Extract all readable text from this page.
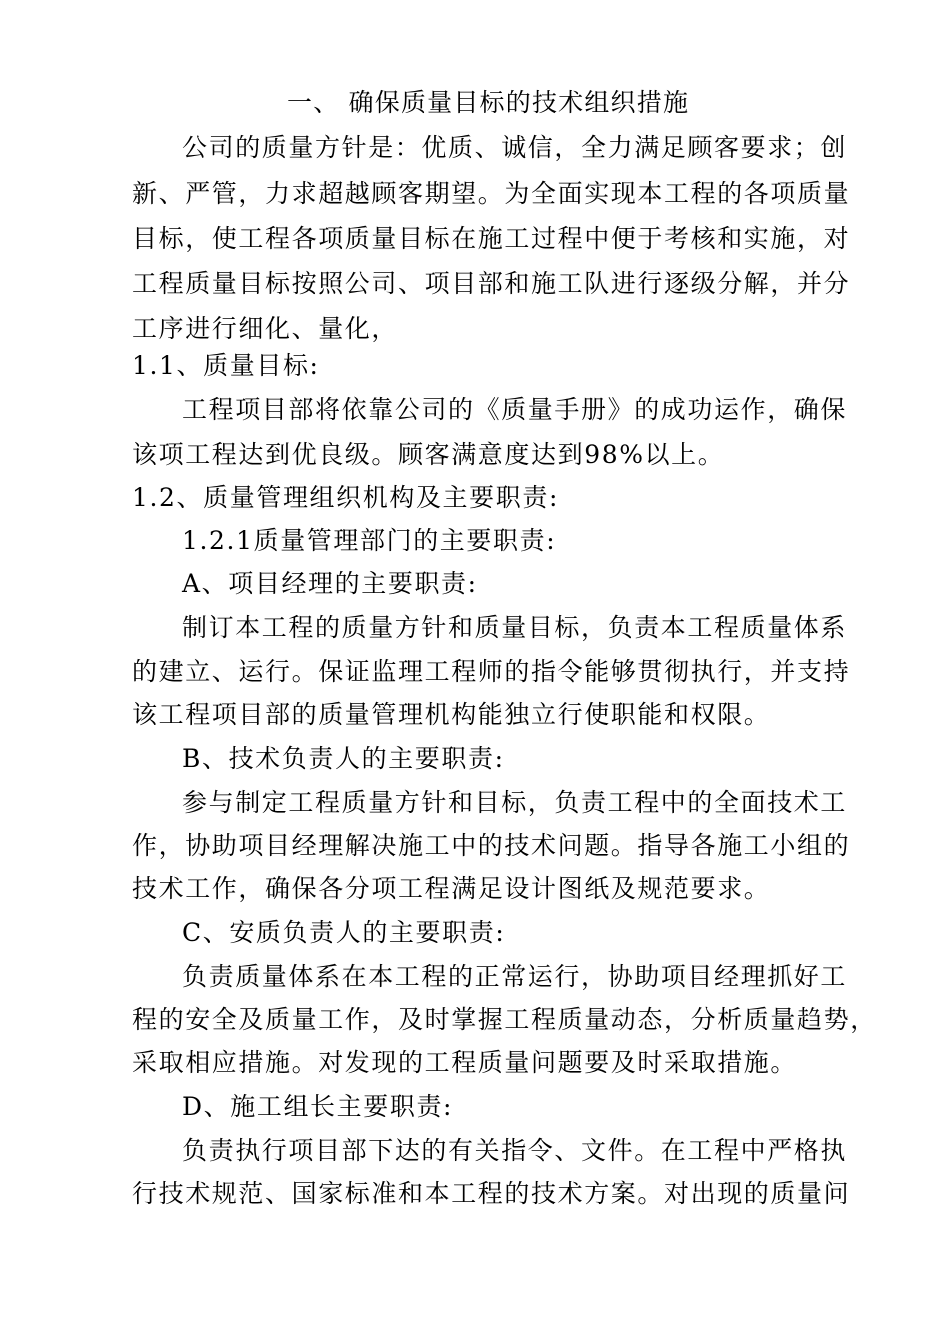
一、 确保质量目标的技术组织措施
公司的质量方针是：优质、诚信，全力满足顾客要求；创
新、严管，力求超越顾客期望。为全面实现本工程的各项质量
目标，使工程各项质量目标在施工过程中便于考核和实施，对
工程质量目标按照公司、项目部和施工队进行逐级分解，并分
工序进行细化、量化，
1.1、质量目标:
工程项目部将依靠公司的《质量手册》的成功运作，确保
该项工程达到优良级。顾客满意度达到98%以上。
1.2、质量管理组织机构及主要职责:
1.2.1质量管理部门的主要职责:
A、项目经理的主要职责:
制订本工程的质量方针和质量目标，负责本工程质量体系
的建立、运行。保证监理工程师的指令能够贯彻执行，并支持
该工程项目部的质量管理机构能独立行使职能和权限。
B、技术负责人的主要职责:
参与制定工程质量方针和目标，负责工程中的全面技术工
作，协助项目经理解决施工中的技术问题。指导各施工小组的
技术工作，确保各分项工程满足设计图纸及规范要求。
C、安质负责人的主要职责:
负责质量体系在本工程的正常运行，协助项目经理抓好工
程的安全及质量工作，及时掌握工程质量动态，分析质量趋势，
采取相应措施。对发现的工程质量问题要及时采取措施。
D、施工组长主要职责:
负责执行项目部下达的有关指令、文件。在工程中严格执
行技术规范、国家标准和本工程的技术方案。对出现的质量问
